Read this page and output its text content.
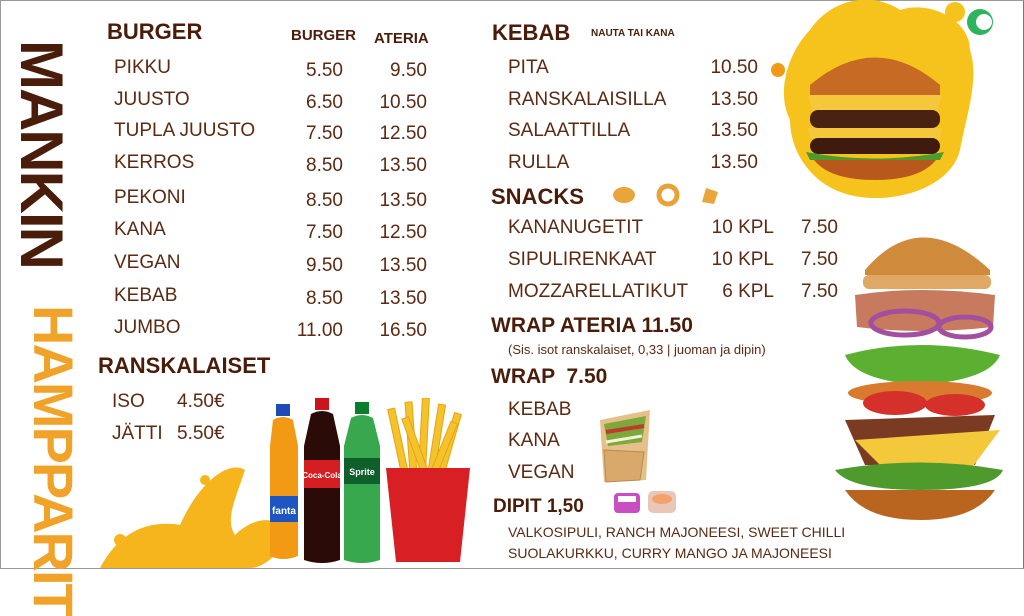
MANKIN
HAMPPARIT
BURGER	BURGER ATERIA
PIKKU	5.50	9.50
JUUSTO	6.50	10.50
TUPLA JUUSTO	7.50	12.50
KERROS	8.50	13.50
PEKONI	8.50	13.50
KANA	7.50	12.50
VEGAN	9.50	13.50
KEBAB	8.50	13.50
JUMBO	11.00	16.50
RANSKALAISET
ISO 4.50€
JÄTTI 5.50€
fanta
Coca-Cola Sprite
KEBAB NAUTA TAI KANA
PITA	10.50
RANSKALAISILLA	13.50
SALAATTILLA	13.50
RULLA	13.50
SNACKS
KANANUGETIT	10 KPL	7.50
SIPULIRENKAAT	10 KPL	7.50
MOZZARELLATIKUT	6 KPL	7.50
WRAP ATERIA 11.50
(Sis. isot ranskalaiset, 0,33 | juoman ja dipin)
WRAP  7.50
KEBAB
KANA
VEGAN
DIPIT 1,50
VALKOSIPULI, RANCH MAJONEESI, SWEET CHILLI
SUOLAKURKKU, CURRY MANGO JA MAJONEESI
